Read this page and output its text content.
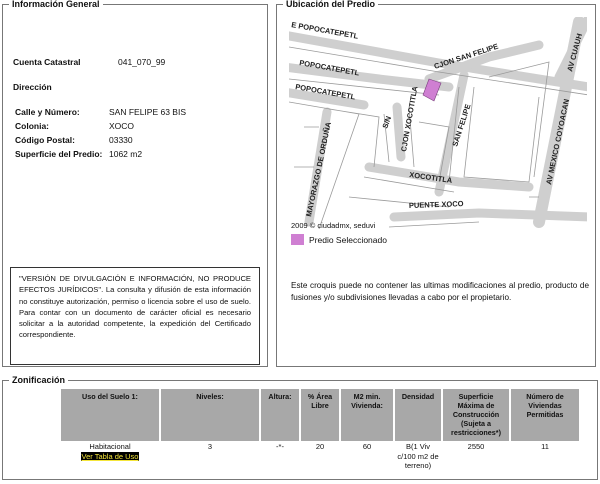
Información General
Cuenta Catastral	041_070_99
Dirección
Calle y Número:	SAN FELIPE 63 BIS
Colonia:	XOCO
Código Postal:	03330
Superficie del Predio: 1062 m2
"VERSIÓN DE DIVULGACIÓN E INFORMACIÓN, NO PRODUCE EFECTOS JURÍDICOS". La consulta y difusión de esta información no constituye autorización, permiso o licencia sobre el uso de suelo. Para contar con un documento de carácter oficial es necesario solicitar a la autoridad competente, la expedición del Certificado correspondiente.
Ubicación del Predio
E POPOCATEPETL
POPOCATEPETL
POPOCATEPETL
CJON SAN FELIPE	AV CUAUH
S/N CJON XOCOTITLA	SAN FELIPE
MAYORAZGO DE ORDUÑA	XOCOTITLA	AV MEXICO COYOACAN
PUENTE XOCO
2009 © ciudadmx, seduvi
Predio Seleccionado

Este croquis puede no contener las ultimas modificaciones al predio, producto de fusiones y/o subdivisiones llevadas a cabo por el propietario.

Zonificación
Uso del Suelo 1:	Niveles:	Altura:	% Área Libre	M2 min. Vivienda:	Densidad	Superficie Máxima de Construcción (Sujeta a restricciones*)	Número de Viviendas Permitidas

Habitacional
Ver Tabla de Uso	3	-*-	20	60	B(1 Viv c/100 m2 de terreno)	2550	11
